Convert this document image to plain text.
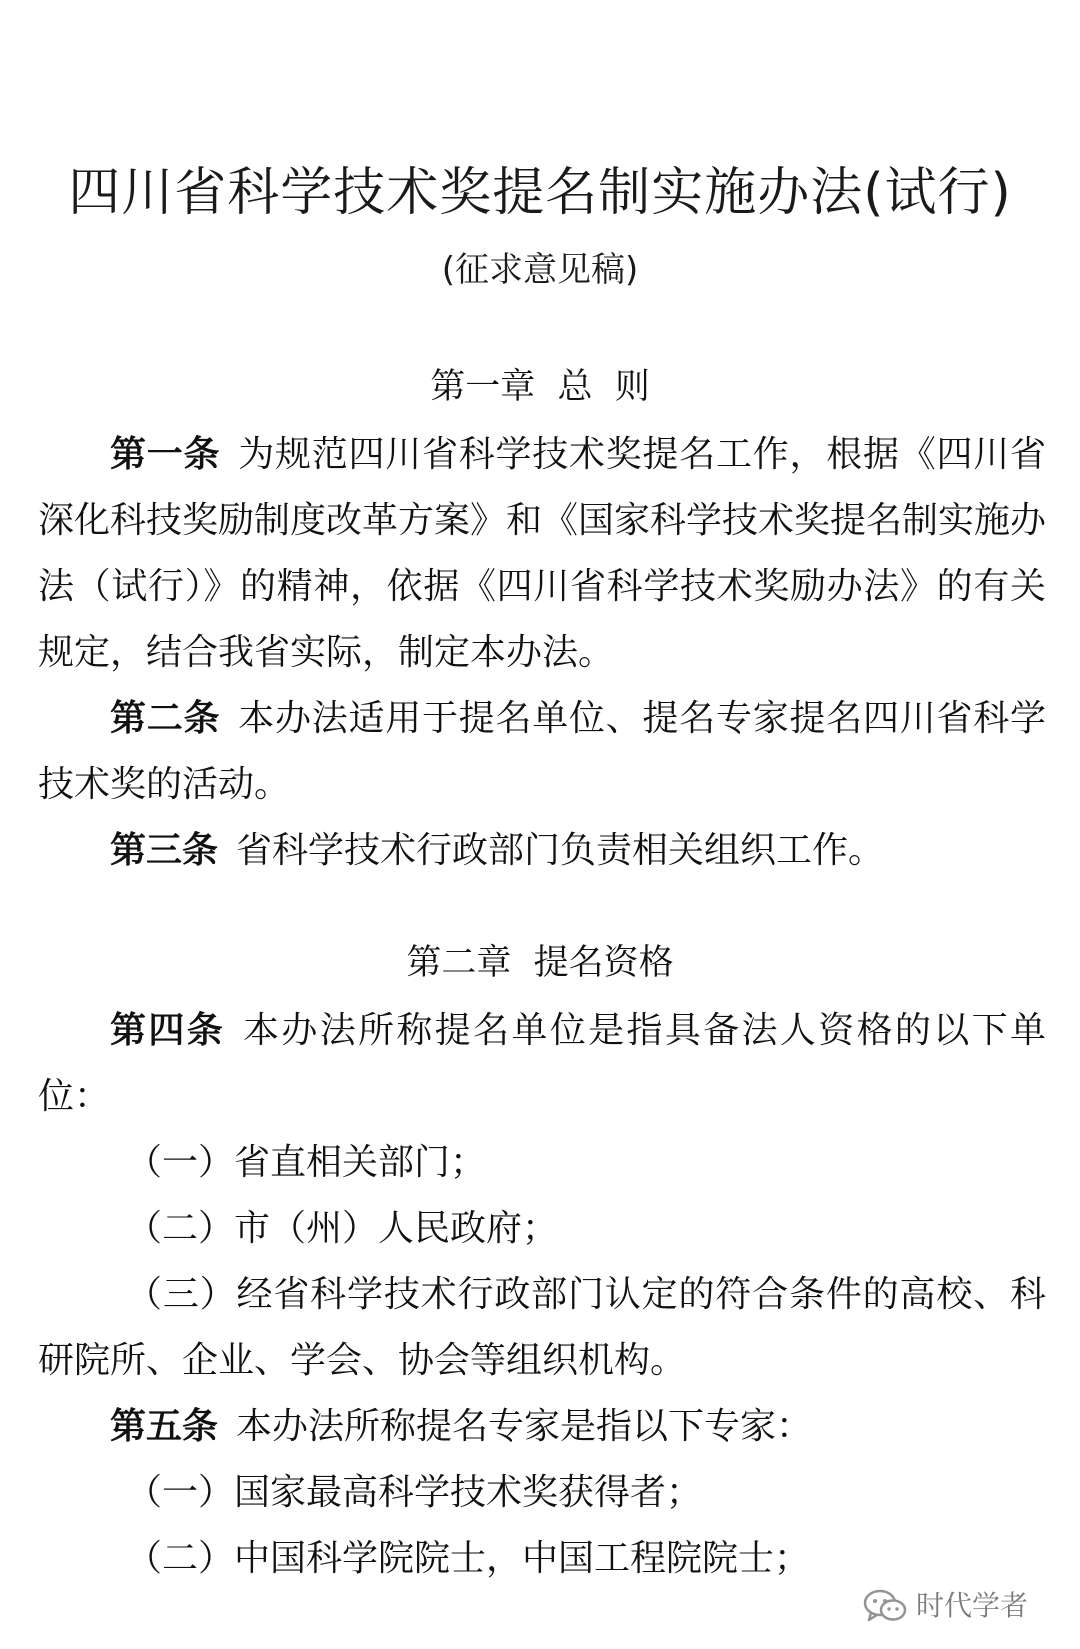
四川省科学技术奖提名制实施办法(试行)
(征求意见稿)
第一章  总  则

第一条 为规范四川省科学技术奖提名工作，根据《四川省深化科技奖励制度改革方案》和《国家科学技术奖提名制实施办法（试行）》的精神，依据《四川省科学技术奖励办法》的有关规定，结合我省实际，制定本办法。

第二条 本办法适用于提名单位、提名专家提名四川省科学技术奖的活动。

第三条 省科学技术行政部门负责相关组织工作。

第二章  提名资格

第四条 本办法所称提名单位是指具备法人资格的以下单位：

（一）省直相关部门；

（二）市（州）人民政府；

（三）经省科学技术行政部门认定的符合条件的高校、科研院所、企业、学会、协会等组织机构。

第五条 本办法所称提名专家是指以下专家：

（一）国家最高科学技术奖获得者；

（二）中国科学院院士，中国工程院院士；

时代学者
